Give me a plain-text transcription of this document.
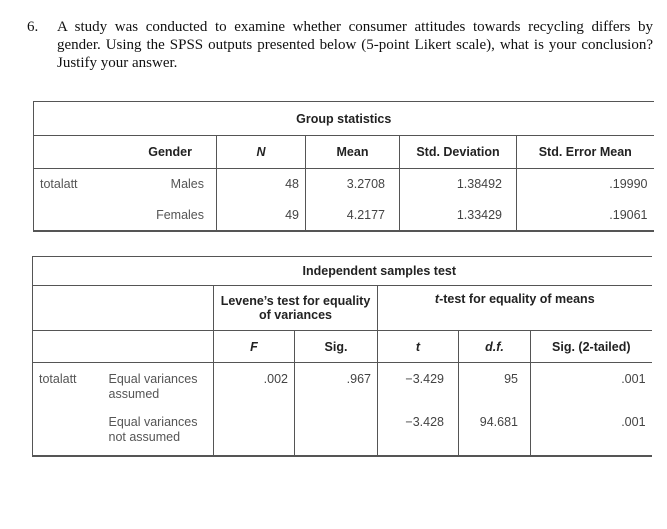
6. A study was conducted to examine whether consumer attitudes towards recycling differs by gender. Using the SPSS outputs presented below (5-point Likert scale), what is your conclusion? Justify your answer.
Group statistics				
Gender	N	Mean	Std. Deviation	Std. Error Mean
totalatt Males	48	3.2708	1.38492	.19990
Females	49	4.2177	1.33429	.19061
Independent samples test						
		Levene’s test for equality of variances		t-test for equality of means		
		F	Sig.	t	d.f.	Sig. (2-tailed)
totalatt	Equal variances assumed	.002	.967	−3.429	95	.001
	Equal variances not assumed			−3.428	94.681	.001
